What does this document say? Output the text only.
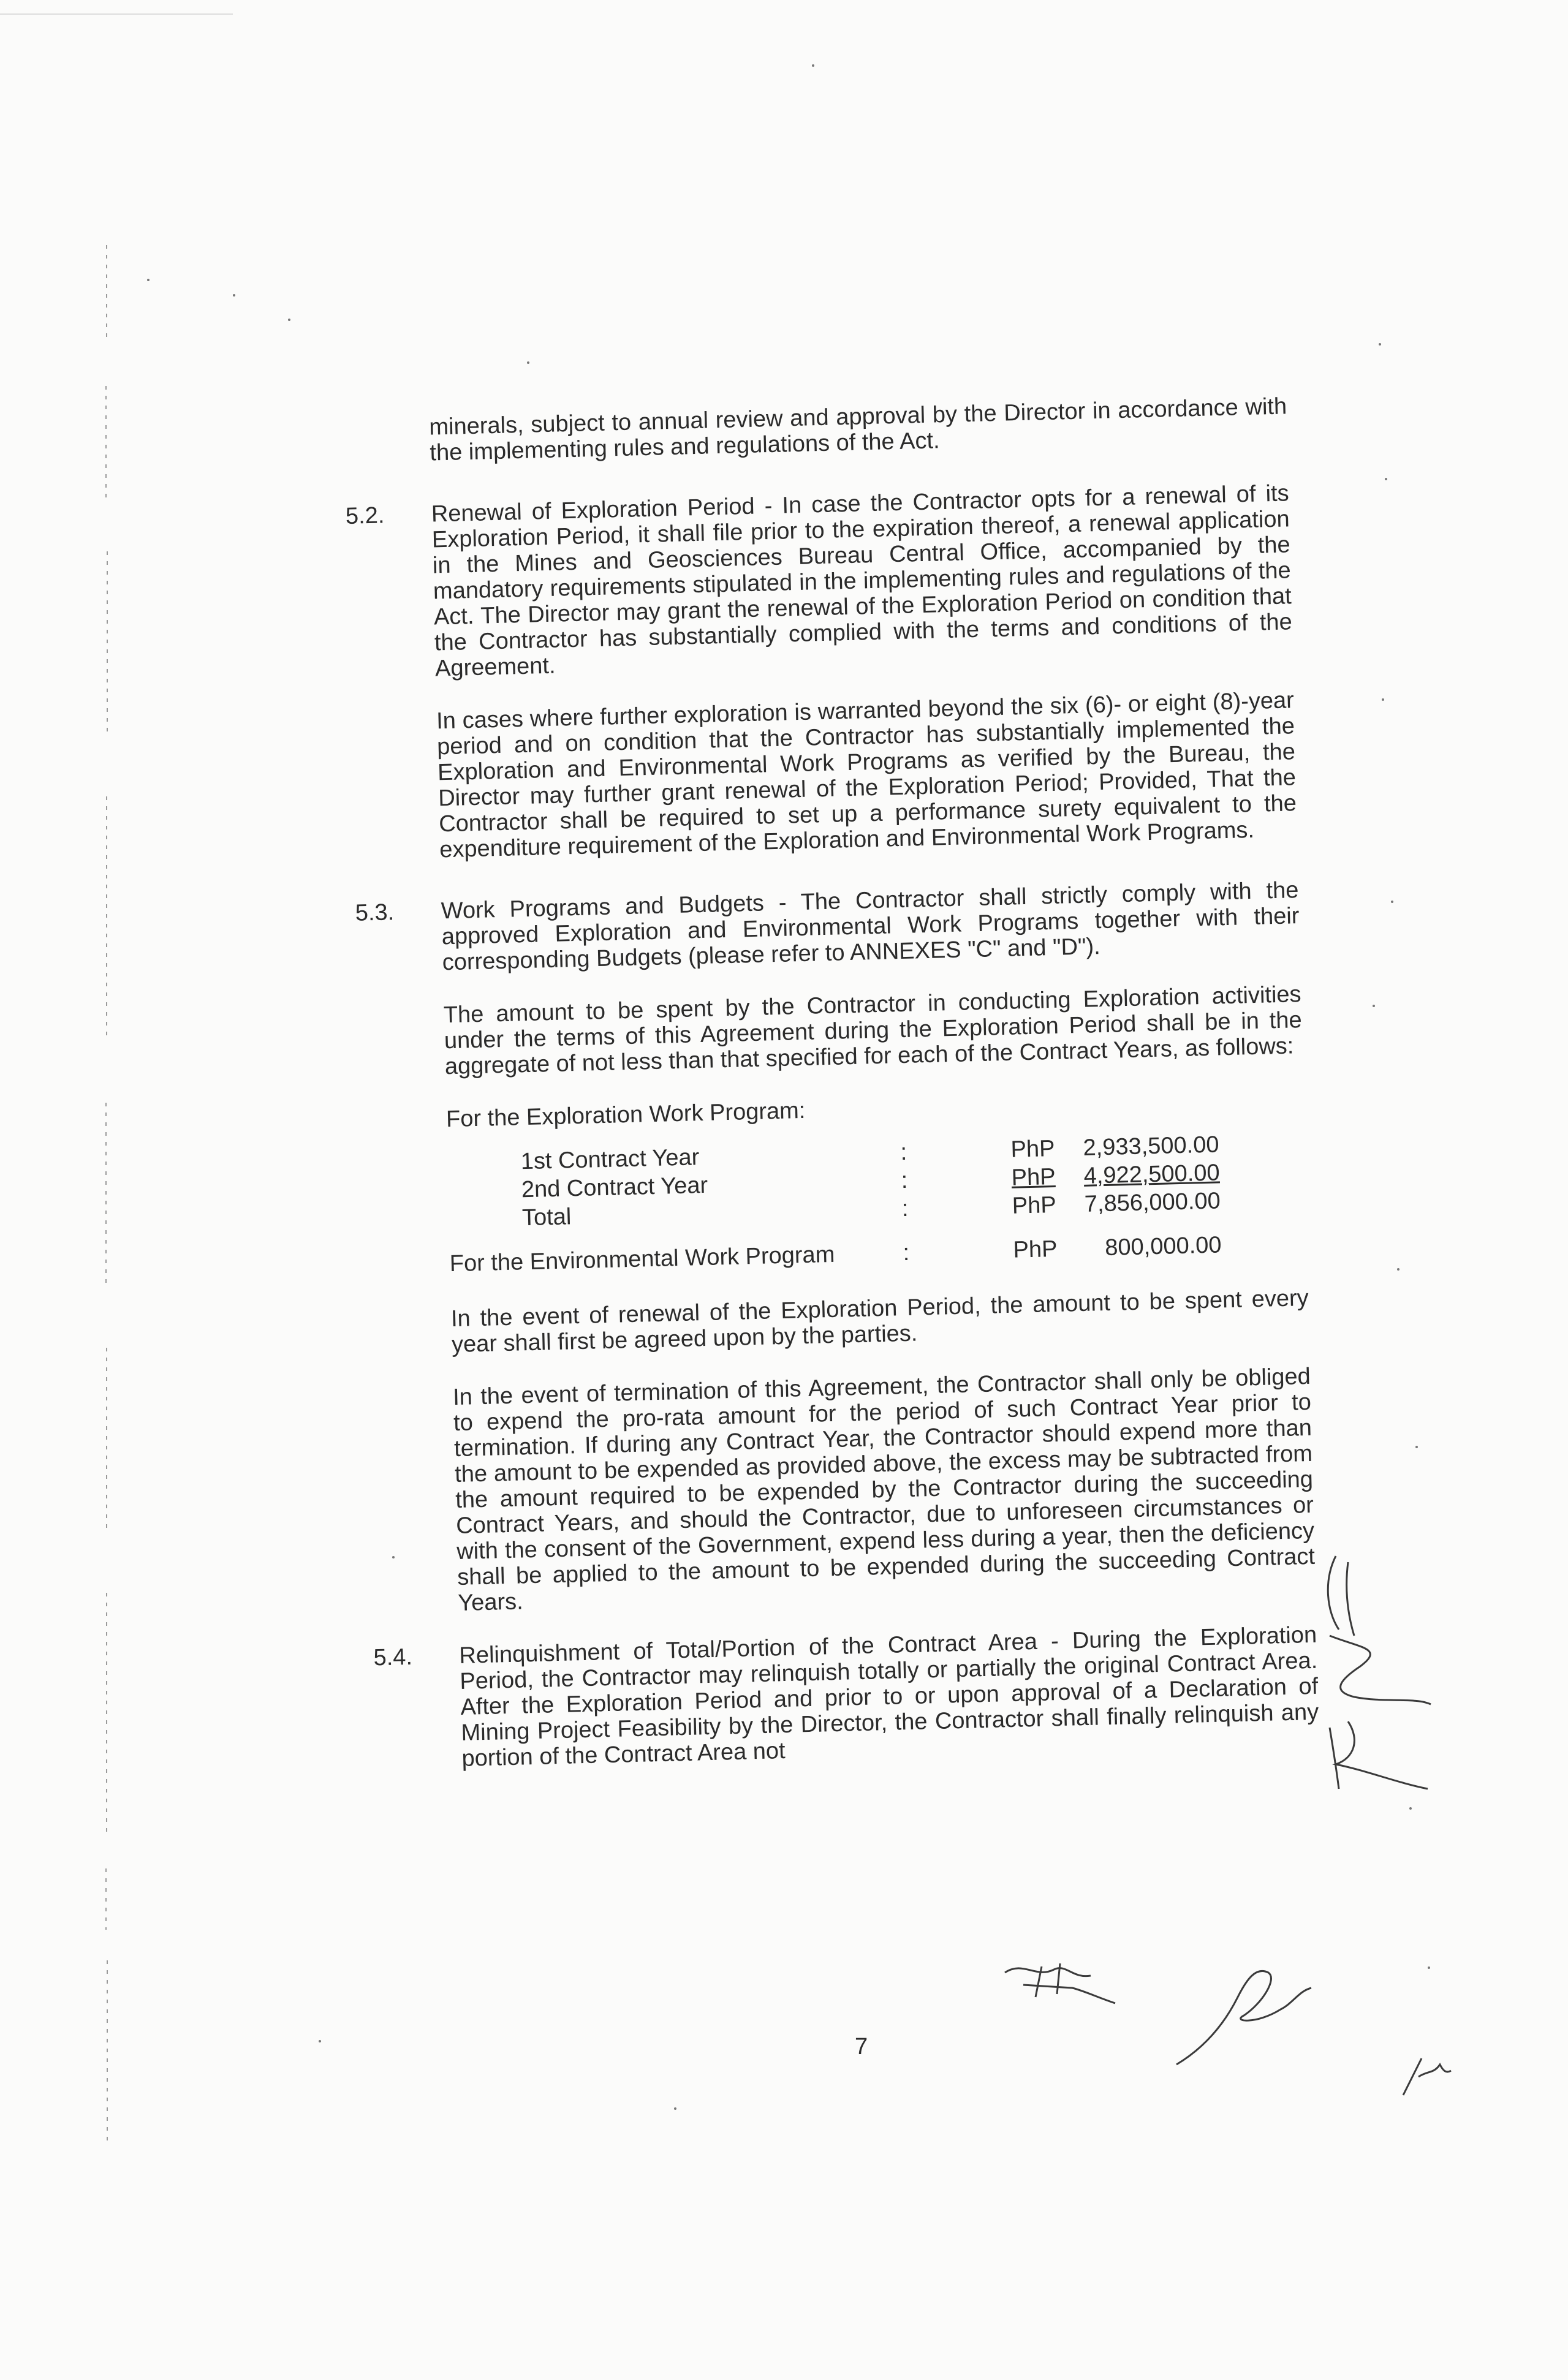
minerals, subject to annual review and approval by the Director in accordance with the implementing rules and regulations of the Act.

5.2. Renewal of Exploration Period - In case the Contractor opts for a renewal of its Exploration Period, it shall file prior to the expiration thereof, a renewal application in the Mines and Geosciences Bureau Central Office, accompanied by the mandatory requirements stipulated in the implementing rules and regulations of the Act. The Director may grant the renewal of the Exploration Period on condition that the Contractor has substantially complied with the terms and conditions of the Agreement.

In cases where further exploration is warranted beyond the six (6)- or eight (8)-year period and on condition that the Contractor has substantially implemented the Exploration and Environmental Work Programs as verified by the Bureau, the Director may further grant renewal of the Exploration Period; Provided, That the Contractor shall be required to set up a performance surety equivalent to the expenditure requirement of the Exploration and Environmental Work Programs.

5.3. Work Programs and Budgets - The Contractor shall strictly comply with the approved Exploration and Environmental Work Programs together with their corresponding Budgets (please refer to ANNEXES "C" and "D").

The amount to be spent by the Contractor in conducting Exploration activities under the terms of this Agreement during the Exploration Period shall be in the aggregate of not less than that specified for each of the Contract Years, as follows:

For the Exploration Work Program:
1st Contract Year	:	PhP	2,933,500.00
2nd Contract Year	:	PhP	4,922,500.00
Total	:	PhP	7,856,000.00
For the Environmental Work Program	:	PhP	800,000.00

In the event of renewal of the Exploration Period, the amount to be spent every year shall first be agreed upon by the parties.

In the event of termination of this Agreement, the Contractor shall only be obliged to expend the pro-rata amount for the period of such Contract Year prior to termination. If during any Contract Year, the Contractor should expend more than the amount to be expended as provided above, the excess may be subtracted from the amount required to be expended by the Contractor during the succeeding Contract Years, and should the Contractor, due to unforeseen circumstances or with the consent of the Government, expend less during a year, then the deficiency shall be applied to the amount to be expended during the succeeding Contract Years.

5.4. Relinquishment of Total/Portion of the Contract Area - During the Exploration Period, the Contractor may relinquish totally or partially the original Contract Area. After the Exploration Period and prior to or upon approval of a Declaration of Mining Project Feasibility by the Director, the Contractor shall finally relinquish any portion of the Contract Area not

7
